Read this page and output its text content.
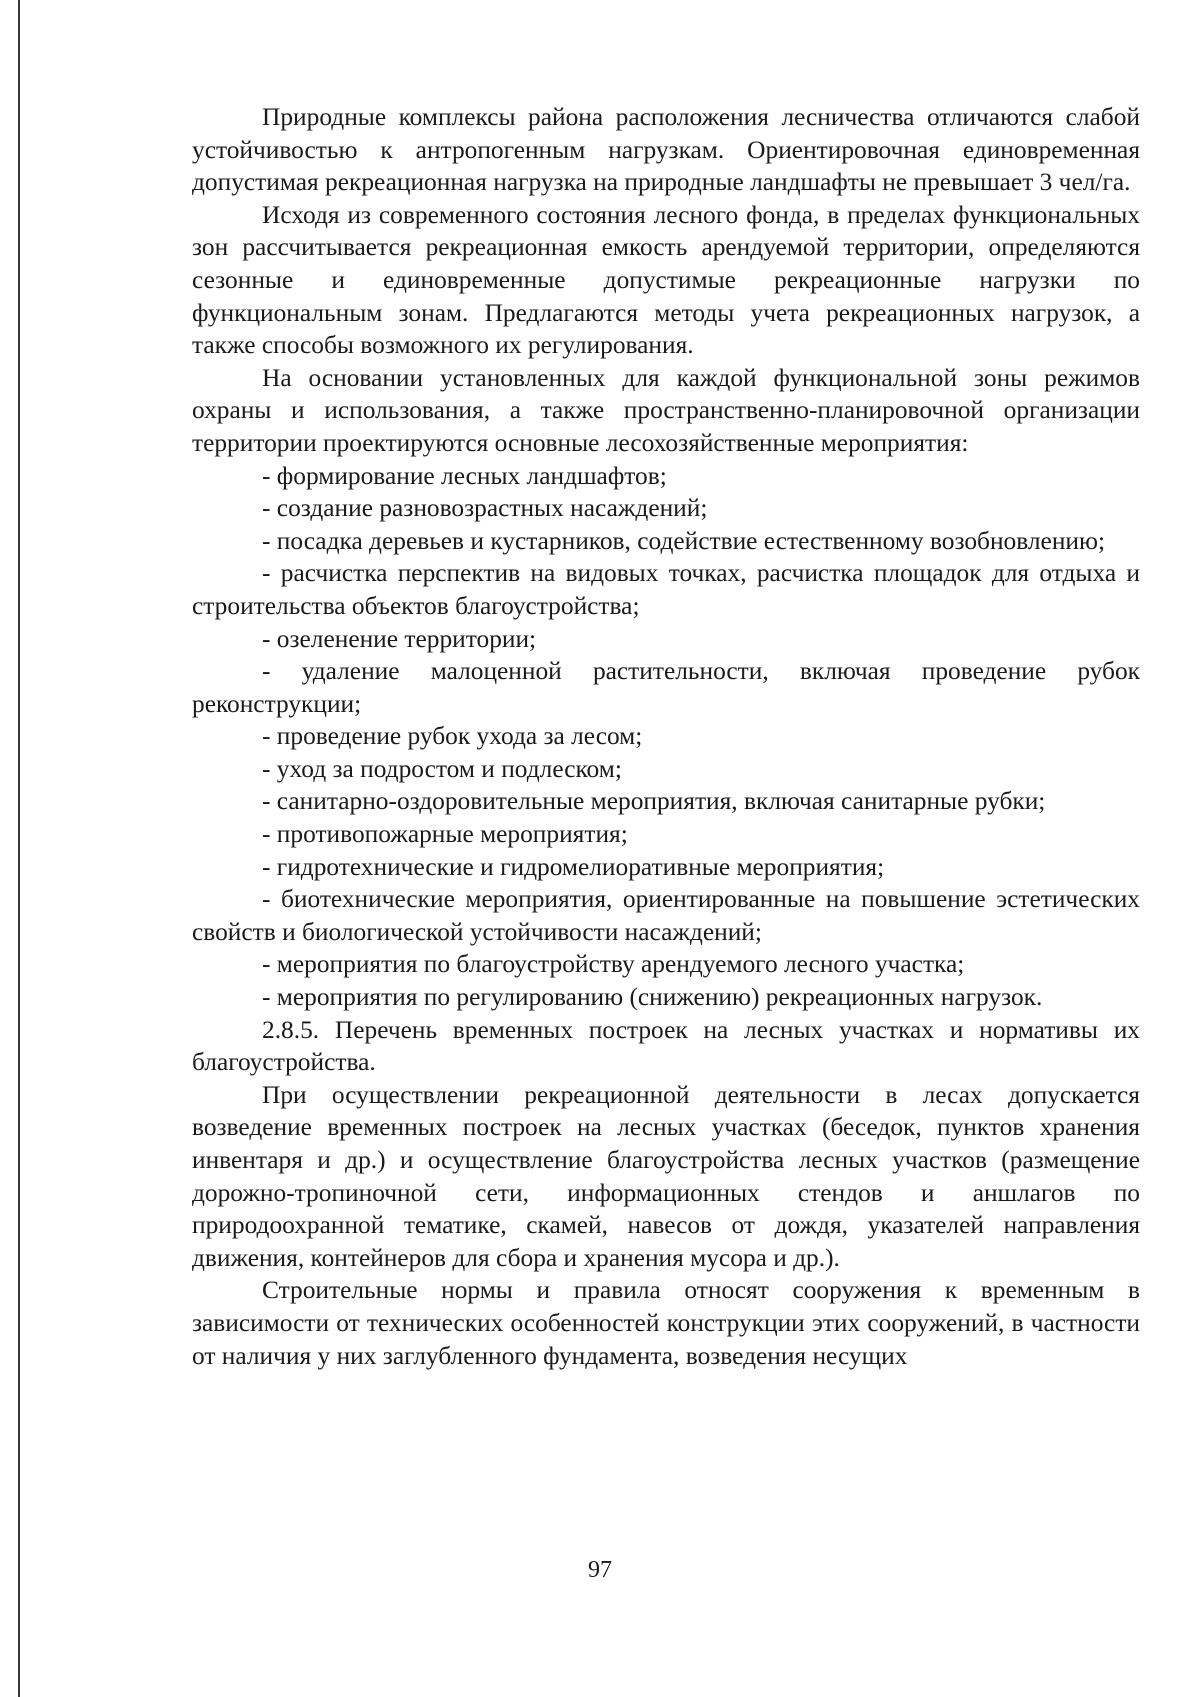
Природные комплексы района расположения лесничества отличаются слабой устойчивостью к антропогенным нагрузкам. Ориентировочная единовременная допустимая рекреационная нагрузка на природные ландшафты не превышает 3 чел/га.

Исходя из современного состояния лесного фонда, в пределах функциональных зон рассчитывается рекреационная емкость арендуемой территории, определяются сезонные и единовременные допустимые рекреационные нагрузки по функциональным зонам. Предлагаются методы учета рекреационных нагрузок, а также способы возможного их регулирования.

На основании установленных для каждой функциональной зоны режимов охраны и использования, а также пространственно-планировочной организации территории проектируются основные лесохозяйственные мероприятия:

- формирование лесных ландшафтов;

- создание разновозрастных насаждений;

- посадка деревьев и кустарников, содействие естественному возобновлению;

- расчистка перспектив на видовых точках, расчистка площадок для отдыха и строительства объектов благоустройства;

- озеленение территории;

- удаление малоценной растительности, включая проведение рубок реконструкции;

- проведение рубок ухода за лесом;

- уход за подростом и подлеском;

- санитарно-оздоровительные мероприятия, включая санитарные рубки;

- противопожарные мероприятия;

- гидротехнические и гидромелиоративные мероприятия;

- биотехнические мероприятия, ориентированные на повышение эстетических свойств и биологической устойчивости насаждений;

- мероприятия по благоустройству арендуемого лесного участка;

- мероприятия по регулированию (снижению) рекреационных нагрузок.

2.8.5. Перечень временных построек на лесных участках и нормативы их благоустройства.

При осуществлении рекреационной деятельности в лесах допускается возведение временных построек на лесных участках (беседок, пунктов хранения инвентаря и др.) и осуществление благоустройства лесных участков (размещение дорожно-тропиночной сети, информационных стендов и аншлагов по природоохранной тематике, скамей, навесов от дождя, указателей направления движения, контейнеров для сбора и хранения мусора и др.).

Строительные нормы и правила относят сооружения к временным в зависимости от технических особенностей конструкции этих сооружений, в частности от наличия у них заглубленного фундамента, возведения несущих

97
